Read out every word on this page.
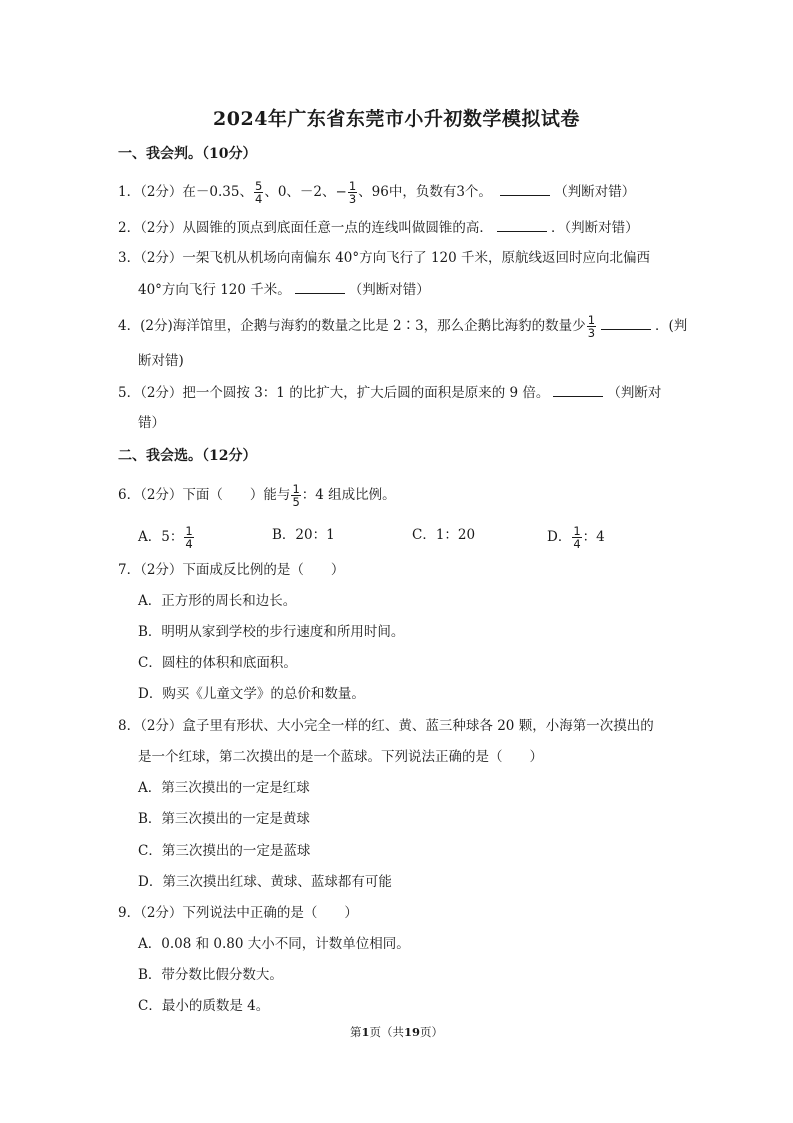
2024年广东省东莞市小升初数学模拟试卷
一、我会判。（10分）
1．（2分）在－0.35、 $\frac{5}{4}$ 、0、－2、− $\frac{1}{3}$ 、96中，负数有3个。	（判断对错）
2．（2分）从圆锥的顶点到底面任意一点的连线叫做圆锥的高．	．（判断对错）
3．（2分）一架飞机从机场向南偏东 40°方向飞行了 120 千米，原航线返回时应向北偏西
40°方向飞行 120 千米。	（判断对错）
4．(2分)海洋馆里，企鹅与海豹的数量之比是 2∶3，那么企鹅比海豹的数量少 $\frac{1}{3}$	．(判
断对错)
5．（2分）把一个圆按 3：1 的比扩大，扩大后圆的面积是原来的 9 倍。	（判断对
错）
二、我会选。（12分）
6．（2分）下面（　　）能与 $\frac{1}{5}$ ：4 组成比例。
A．5： $\frac{1}{4}$	B．20：1	C．1：20	D． $\frac{1}{4}$ ：4
7．（2分）下面成反比例的是（　　）
A．正方形的周长和边长。
B．明明从家到学校的步行速度和所用时间。
C．圆柱的体积和底面积。
D．购买《儿童文学》的总价和数量。
8．（2分）盒子里有形状、大小完全一样的红、黄、蓝三种球各 20 颗，小海第一次摸出的
是一个红球，第二次摸出的是一个蓝球。下列说法正确的是（　　）
A．第三次摸出的一定是红球
B．第三次摸出的一定是黄球
C．第三次摸出的一定是蓝球
D．第三次摸出红球、黄球、蓝球都有可能
9．（2分）下列说法中正确的是（　　）
A．0.08 和 0.80 大小不同，计数单位相同。
B．带分数比假分数大。
C．最小的质数是 4。
第1页（共19页）
